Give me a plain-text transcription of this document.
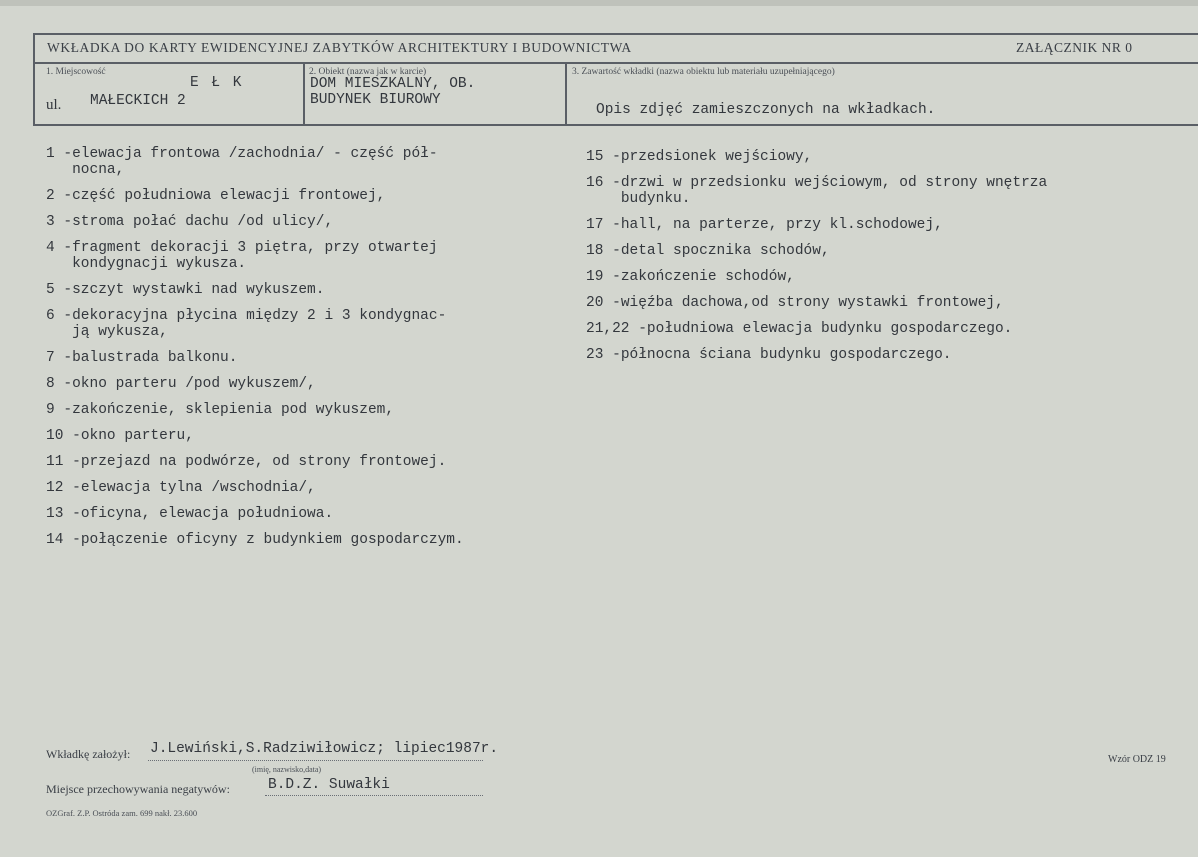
WKŁADKA DO KARTY EWIDENCYJNEJ ZABYTKÓW ARCHITEKTURY I BUDOWNICTWA	ZAŁĄCZNIK NR 0
1. Miejscowość
E Ł K
ul. MAŁECKICH 2
2. Obiekt (nazwa jak w karcie)
DOM MIESZKALNY, OB.
BUDYNEK BIUROWY
3. Zawartość wkładki (nazwa obiektu lub materiału uzupełniającego)
Opis zdjęć zamieszczonych na wkładkach.
1 - elewacja frontowa /zachodnia/ - część pół-
nocna,
2 - część południowa elewacji frontowej,
3 - stroma połać dachu /od ulicy/,
4 - fragment dekoracji 3 piętra, przy otwartej
kondygnacji wykusza.
5 - szczyt wystawki nad wykuszem.
6 - dekoracyjna płycina między 2 i 3 kondygnac-
ją wykusza,
7 - balustrada balkonu.
8 - okno parteru /pod wykuszem/,
9 - zakończenie, sklepienia pod wykuszem,
10 - okno parteru,
11 - przejazd na podwórze, od strony frontowej.
12 - elewacja tylna /wschodnia/,
13 - oficyna, elewacja południowa.
14 - połączenie oficyny z budynkiem gospodarczym.
15 - przedsionek wejściowy,
16 - drzwi w przedsionku wejściowym, od strony wnętrza
budynku.
17 - hall, na parterze, przy kl.schodowej,
18 - detal spocznika schodów,
19 - zakończenie schodów,
20 - więźba dachowa,od strony wystawki frontowej,
21,22 - południowa elewacja budynku gospodarczego.
23 - północna ściana budynku gospodarczego.
Wkładkę założył: J.Lewiński,S.Radziwiłowicz; lipiec1987r.
(imię, nazwisko,data)
Miejsce przechowywania negatywów:	B.D.Z. Suwałki
OZGraf. Z.P. Ostróda zam. 699 nakł. 23.600
Wzór ODZ 19
